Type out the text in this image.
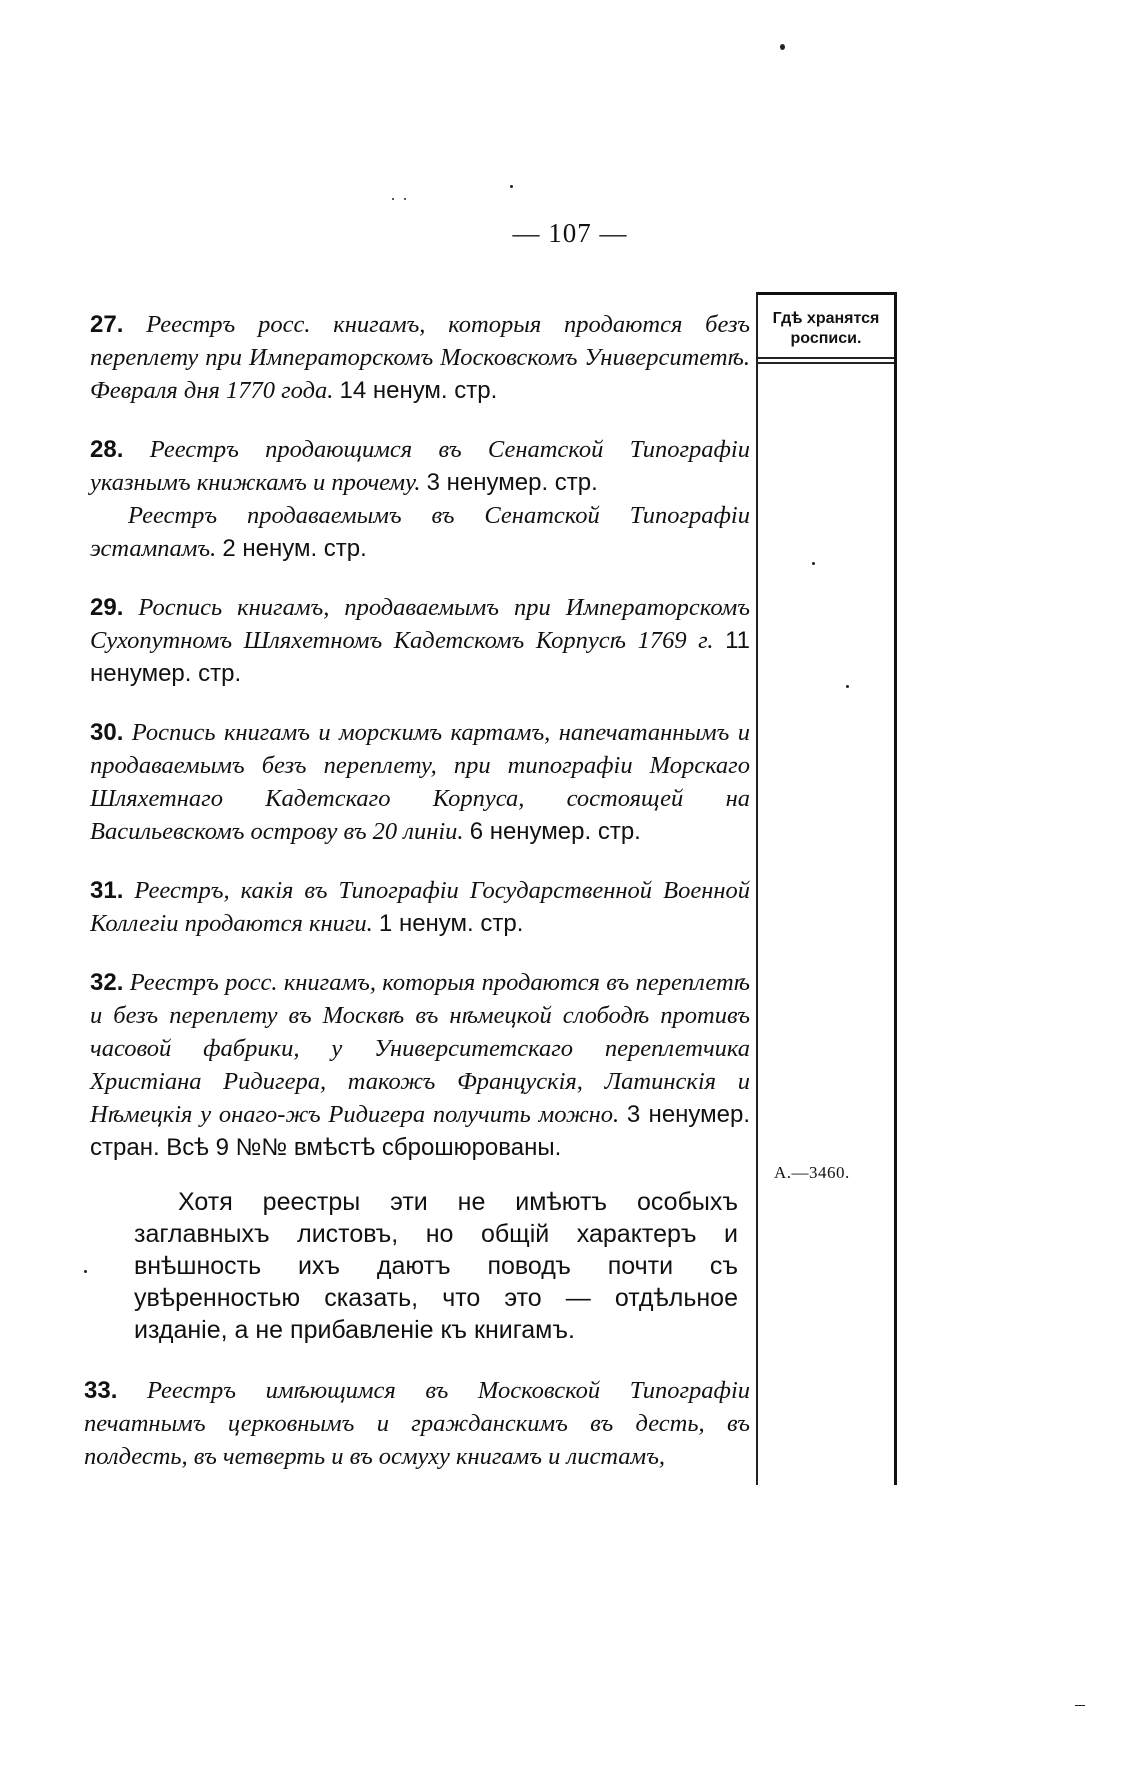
— 107 —

27. Реестръ росс. книгамъ, которыя продаются безъ переплету при Императорскомъ Московскомъ Университетѣ. Февраля дня 1770 года. 14 ненум. стр.

28. Реестръ продающимся въ Сенатской Типографіи указнымъ книжкамъ и прочему. 3 ненумер. стр.
Реестръ продаваемымъ въ Сенатской Типографіи эстампамъ. 2 ненум. стр.

29. Роспись книгамъ, продаваемымъ при Императорскомъ Сухопутномъ Шляхетномъ Кадетскомъ Корпусѣ 1769 г. 11 ненумер. стр.

30. Роспись книгамъ и морскимъ картамъ, напечатаннымъ и продаваемымъ безъ переплету, при типографіи Морскаго Шляхетнаго Кадетскаго Корпуса, состоящей на Васильевскомъ острову въ 20 линіи. 6 ненумер. стр.

31. Реестръ, какія въ Типографіи Государственной Военной Коллегіи продаются книги. 1 ненум. стр.

32. Реестръ росс. книгамъ, которыя продаются въ переплетѣ и безъ переплету въ Москвѣ въ нѣмецкой слободѣ противъ часовой фабрики, у Университетскаго переплетчика Христіана Ридигера, такожъ Францускія, Латинскія и Нѣмецкія у онаго-жъ Ридигера получить можно. 3 ненумер. стран. Всѣ 9 №№ вмѣстѣ сброшюрованы.

Хотя реестры эти не имѣютъ особыхъ заглавныхъ листовъ, но общій характеръ и внѣшность ихъ даютъ поводъ почти съ увѣренностью сказать, что это — отдѣльное изданіе, а не прибавленіе къ книгамъ.

33. Реестръ имѣющимся въ Московской Типографіи печатнымъ церковнымъ и гражданскимъ въ десть, въ полдесть, въ четверть и въ осмуху книгамъ и листамъ,

Гдѣ хранятся росписи.
А.—3460.
